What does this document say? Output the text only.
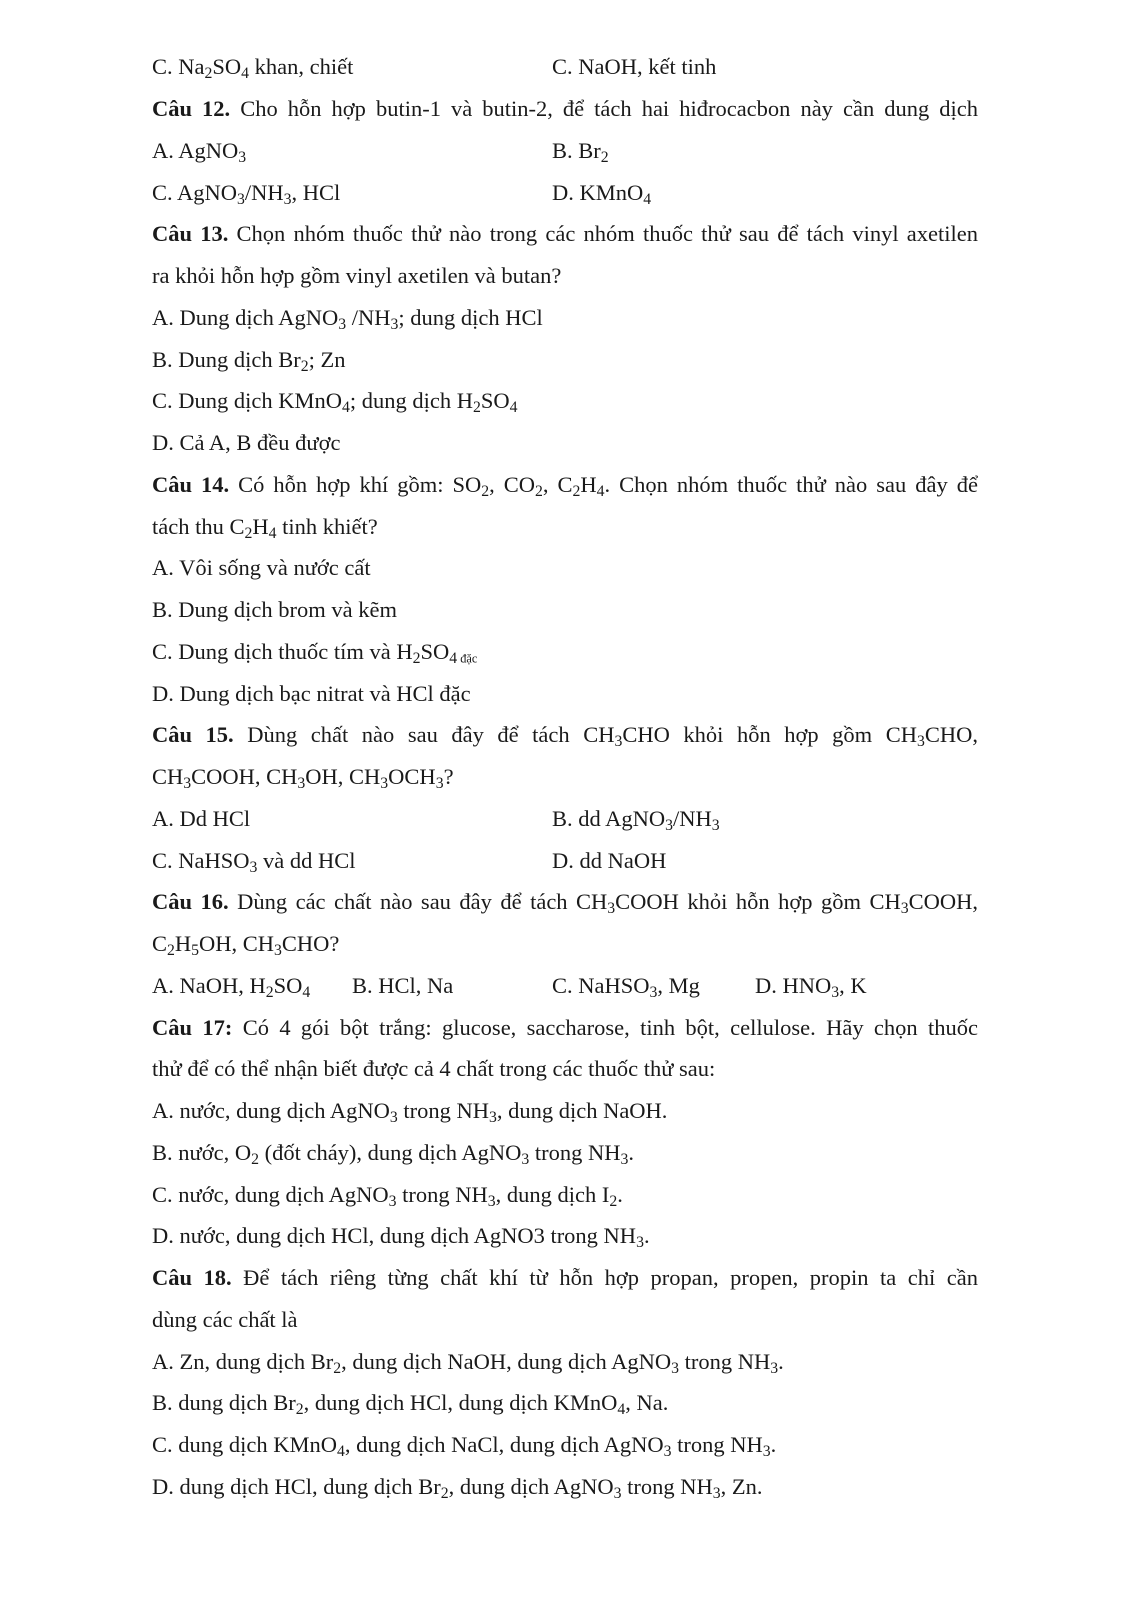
C. $Na_2SO_4$ khan, chiết	C. NaOH, kết tinh
Câu 12. Cho hỗn hợp butin-1 và butin-2, để tách hai hiđrocacbon này cần dung dịch
A. AgNO$_3$	B. $Br_2$
C. $AgNO_3/NH_3$, HCl	D. KMnO$_4$
Câu 13. Chọn nhóm thuốc thử nào trong các nhóm thuốc thử sau để tách vinyl axetilen
ra khỏi hỗn hợp gồm vinyl axetilen và butan?
A. Dung dịch AgNO$_3$ $/NH_3$; dung dịch HCl
B. Dung dịch $Br_2$; Zn
C. Dung dịch KMnO$_4$; dung dịch $H_2SO_4$
D. Cả A, B đều được
Câu 14. Có hỗn hợp khí gồm: $SO_2$, $CO_2$, $C_2H_4$. Chọn nhóm thuốc thử nào sau đây để
tách thu $C_2H_4$ tinh khiết?
A. Vôi sống và nước cất
B. Dung dịch brom và kẽm
C. Dung dịch thuốc tím và $H_2SO_4$ đặc
D. Dung dịch bạc nitrat và HCl đặc
Câu 15. Dùng chất nào sau đây để tách $CH_3CHO$ khỏi hỗn hợp gồm $CH_3CHO$,
$CH_3COOH$, $CH_3OH$, $CH_3OCH_3$?
A. Dd HCl	B. dd $AgNO_3/NH_3$
C. NaHSO$_3$ và dd HCl	D. dd NaOH
Câu 16. Dùng các chất nào sau đây để tách $CH_3COOH$ khỏi hỗn hợp gồm $CH_3COOH$,
$C_2H_5OH$, $CH_3CHO$?
A. NaOH, $H_2SO_4$ B. HCl, Na	C. NaHSO$_3$, Mg D. $HNO_3$, K
Câu 17: Có 4 gói bột trắng: glucose, saccharose, tinh bột, cellulose. Hãy chọn thuốc
thử để có thể nhận biết được cả 4 chất trong các thuốc thử sau:
A. nước, dung dịch AgNO$_3$ trong $NH_3$, dung dịch NaOH.
B. nước, $O_2$ (đốt cháy), dung dịch AgNO$_3$ trong $NH_3$.
C. nước, dung dịch AgNO$_3$ trong $NH_3$, dung dịch $I_2$.
D. nước, dung dịch HCl, dung dịch AgNO3 trong $NH_3$.
Câu 18. Để tách riêng từng chất khí từ hỗn hợp propan, propen, propin ta chỉ cần
dùng các chất là
A. Zn, dung dịch $Br_2$, dung dịch NaOH, dung dịch AgNO$_3$ trong $NH_3$.
B. dung dịch $Br_2$, dung dịch HCl, dung dịch KMnO$_4$, Na.
C. dung dịch KMnO$_4$, dung dịch NaCl, dung dịch AgNO$_3$ trong $NH_3$.
D. dung dịch HCl, dung dịch $Br_2$, dung dịch AgNO$_3$ trong $NH_3$, Zn.
